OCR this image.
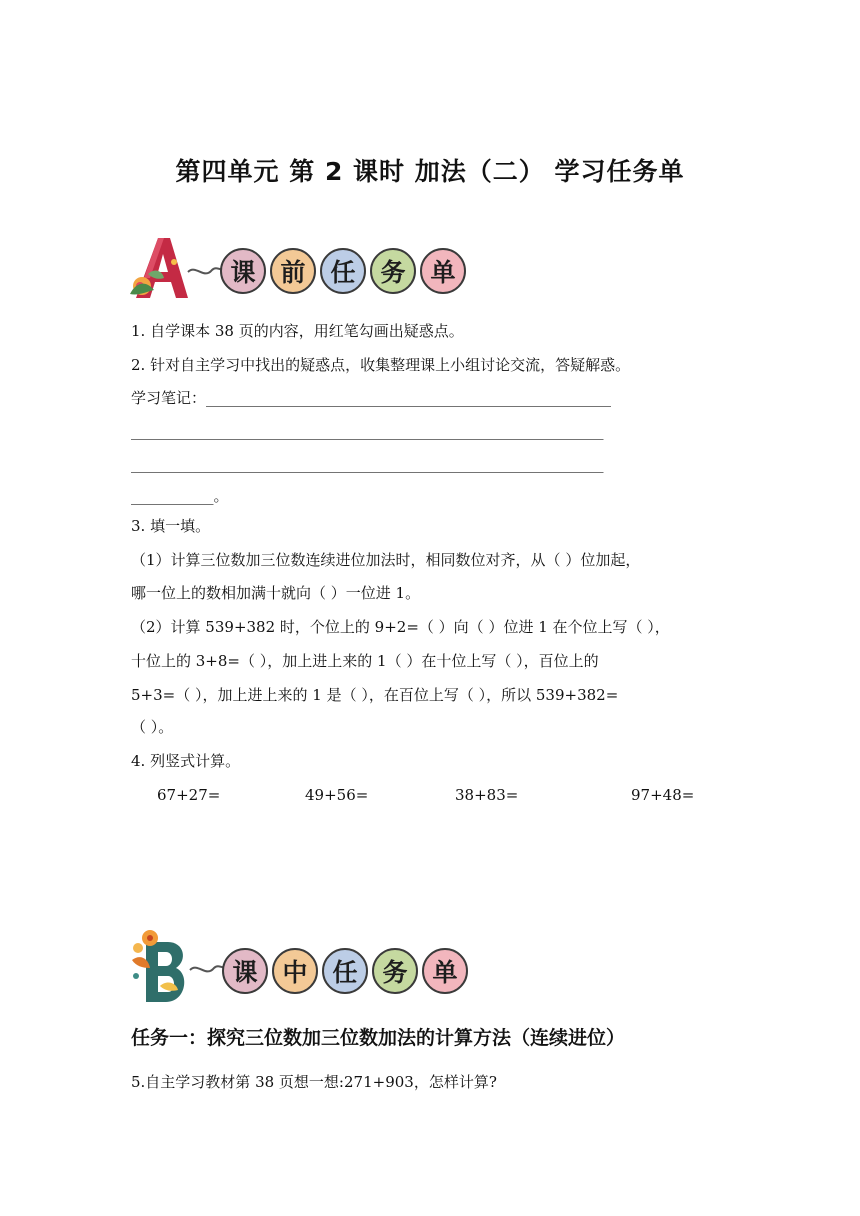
第四单元 第 2 课时 加法（二） 学习任务单
课 前 任 务 单
1. 自学课本 38 页的内容，用红笔勾画出疑惑点。
2. 针对自主学习中找出的疑惑点，收集整理课上小组讨论交流，答疑解惑。
学习笔记：______________________________________________________
_______________________________________________________________
_______________________________________________________________
___________。
3. 填一填。
（1）计算三位数加三位数连续进位加法时，相同数位对齐，从（ ）位加起，
哪一位上的数相加满十就向（ ）一位进 1。
（2）计算 539+382 时，个位上的 9+2=（ ）向（ ）位进 1 在个位上写（ ），
十位上的 3+8=（ ），加上进上来的 1（ ）在十位上写（ ），百位上的
5+3=（ ），加上进上来的 1 是（ ），在百位上写（ ），所以 539+382=
（ ）。
4. 列竖式计算。
67+27=	49+56=	38+83=	97+48=
课 中 任 务 单
任务一：探究三位数加三位数加法的计算方法（连续进位）
5.自主学习教材第 38 页想一想:271+903，怎样计算?
